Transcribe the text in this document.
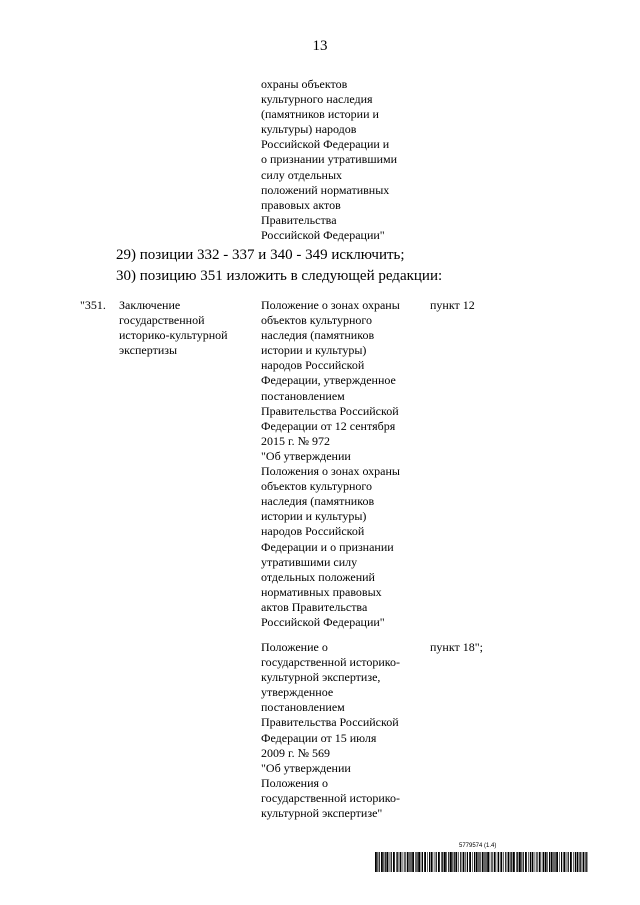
13
охраны объектов
культурного наследия
(памятников истории и
культуры) народов
Российской Федерации и
о признании утратившими
силу отдельных
положений нормативных
правовых актов
Правительства
Российской Федерации"
29) позиции 332 - 337 и 340 - 349 исключить;
30) позицию 351 изложить в следующей редакции:
"351. Заключение
государственной
историко-культурной
экспертизы
Положение о зонах охраны
объектов культурного
наследия (памятников
истории и культуры)
народов Российской
Федерации, утвержденное
постановлением
Правительства Российской
Федерации от 12 сентября
2015 г. № 972
"Об утверждении
Положения о зонах охраны
объектов культурного
наследия (памятников
истории и культуры)
народов Российской
Федерации и о признании
утратившими силу
отдельных положений
нормативных правовых
актов Правительства
Российской Федерации"
пункт 12
Положение о
государственной историко-
культурной экспертизе,
утвержденное
постановлением
Правительства Российской
Федерации от 15 июля
2009 г. № 569
"Об утверждении
Положения о
государственной историко-
культурной экспертизе"
пункт 18";
5779574 (1.4)
